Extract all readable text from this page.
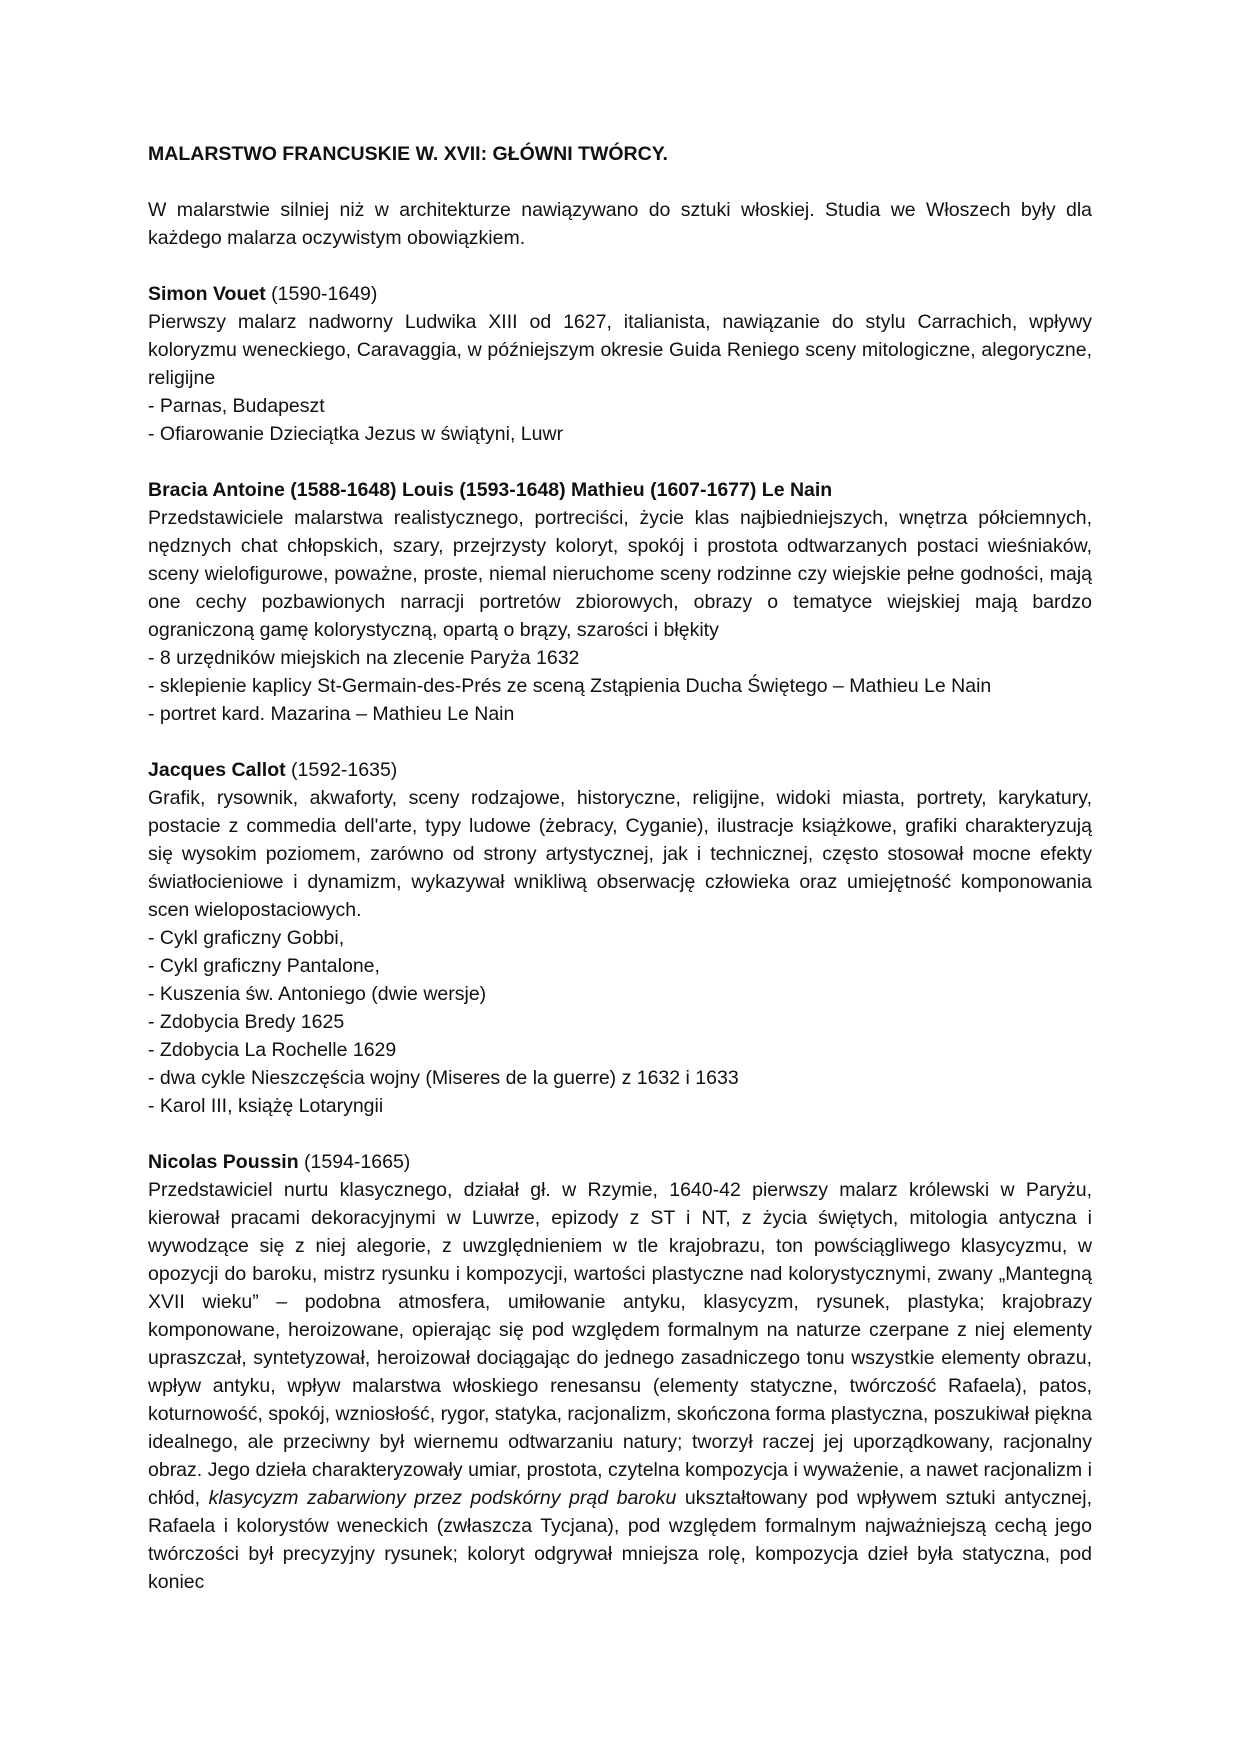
MALARSTWO FRANCUSKIE W. XVII: GŁÓWNI TWÓRCY.

W malarstwie silniej niż w architekturze nawiązywano do sztuki włoskiej. Studia we Włoszech były dla każdego malarza oczywistym obowiązkiem.

Simon Vouet (1590-1649)

Pierwszy malarz nadworny Ludwika XIII od 1627, italianista, nawiązanie do stylu Carrachich, wpływy koloryzmu weneckiego, Caravaggia, w późniejszym okresie Guida Reniego sceny mitologiczne, alegoryczne, religijne

- Parnas, Budapeszt

- Ofiarowanie Dzieciątka Jezus w świątyni, Luwr

Bracia Antoine (1588-1648) Louis (1593-1648) Mathieu (1607-1677) Le Nain

Przedstawiciele malarstwa realistycznego, portreciści, życie klas najbiedniejszych, wnętrza półciemnych, nędznych chat chłopskich, szary, przejrzysty koloryt, spokój i prostota odtwarzanych postaci wieśniaków, sceny wielofigurowe, poważne, proste, niemal nieruchome sceny rodzinne czy wiejskie pełne godności, mają one cechy pozbawionych narracji portretów zbiorowych, obrazy o tematyce wiejskiej mają bardzo ograniczoną gamę kolorystyczną, opartą o brązy, szarości i błękity

- 8 urzędników miejskich na zlecenie Paryża 1632

- sklepienie kaplicy St-Germain-des-Prés ze sceną Zstąpienia Ducha Świętego – Mathieu Le Nain

- portret kard. Mazarina – Mathieu Le Nain

Jacques Callot (1592-1635)

Grafik, rysownik, akwaforty, sceny rodzajowe, historyczne, religijne, widoki miasta, portrety, karykatury, postacie z commedia dell'arte, typy ludowe (żebracy, Cyganie), ilustracje książkowe, grafiki charakteryzują się wysokim poziomem, zarówno od strony artystycznej, jak i technicznej, często stosował mocne efekty światłocieniowe i dynamizm, wykazywał wnikliwą obserwację człowieka oraz umiejętność komponowania scen wielopostaciowych.

- Cykl graficzny Gobbi,

- Cykl graficzny Pantalone,

- Kuszenia św. Antoniego (dwie wersje)

- Zdobycia Bredy 1625

- Zdobycia La Rochelle 1629

- dwa cykle Nieszczęścia wojny (Miseres de la guerre) z 1632 i 1633

- Karol III, książę Lotaryngii

Nicolas Poussin (1594-1665)

Przedstawiciel nurtu klasycznego, działał gł. w Rzymie, 1640-42 pierwszy malarz królewski w Paryżu, kierował pracami dekoracyjnymi w Luwrze, epizody z ST i NT, z życia świętych, mitologia antyczna i wywodzące się z niej alegorie, z uwzględnieniem w tle krajobrazu, ton powściągliwego klasycyzmu, w opozycji do baroku, mistrz rysunku i kompozycji, wartości plastyczne nad kolorystycznymi, zwany „Mantegną XVII wieku” – podobna atmosfera, umiłowanie antyku, klasycyzm, rysunek, plastyka; krajobrazy komponowane, heroizowane, opierając się pod względem formalnym na naturze czerpane z niej elementy upraszczał, syntetyzował, heroizował dociągając do jednego zasadniczego tonu wszystkie elementy obrazu, wpływ antyku, wpływ malarstwa włoskiego renesansu (elementy statyczne, twórczość Rafaela), patos, koturnowość, spokój, wzniosłość, rygor, statyka, racjonalizm, skończona forma plastyczna, poszukiwał piękna idealnego, ale przeciwny był wiernemu odtwarzaniu natury; tworzył raczej jej uporządkowany, racjonalny obraz. Jego dzieła charakteryzowały umiar, prostota, czytelna kompozycja i wyważenie, a nawet racjonalizm i chłód, klasycyzm zabarwiony przez podskórny prąd baroku ukształtowany pod wpływem sztuki antycznej, Rafaela i kolorystów weneckich (zwłaszcza Tycjana), pod względem formalnym najważniejszą cechą jego twórczości był precyzyjny rysunek; koloryt odgrywał mniejsza rolę, kompozycja dzieł była statyczna, pod koniec
